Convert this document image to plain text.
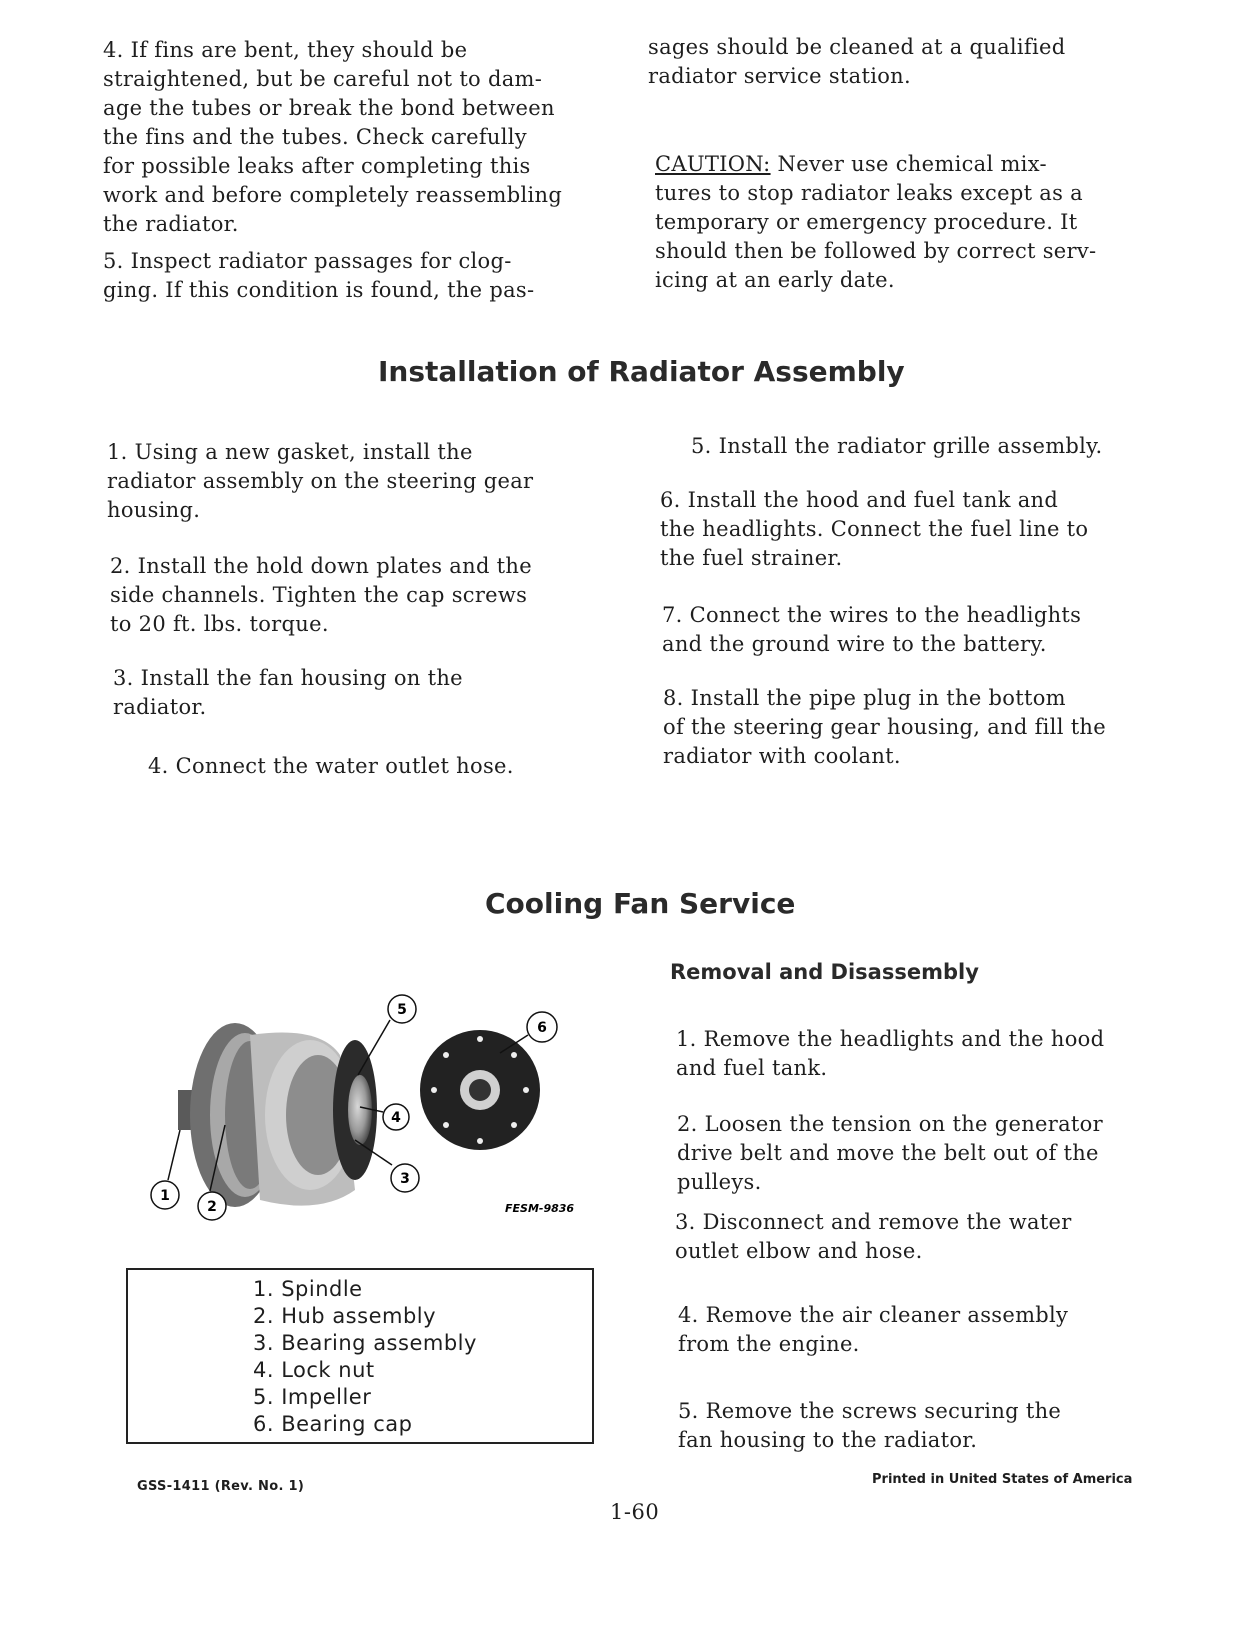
4. If fins are bent, they should be
straightened, but be careful not to dam-
age the tubes or break the bond between
the fins and the tubes. Check carefully
for possible leaks after completing this
work and before completely reassembling
the radiator.

5. Inspect radiator passages for clog-
ging. If this condition is found, the pas-

sages should be cleaned at a qualified
radiator service station.

CAUTION: Never use chemical mix-
tures to stop radiator leaks except as a
temporary or emergency procedure. It
should then be followed by correct serv-
icing at an early date.

Installation of Radiator Assembly

1. Using a new gasket, install the
radiator assembly on the steering gear
housing.

2. Install the hold down plates and the
side channels. Tighten the cap screws
to 20 ft. lbs. torque.

3. Install the fan housing on the
radiator.

4. Connect the water outlet hose.

5. Install the radiator grille assembly.

6. Install the hood and fuel tank and
the headlights. Connect the fuel line to
the fuel strainer.

7. Connect the wires to the headlights
and the ground wire to the battery.

8. Install the pipe plug in the bottom
of the steering gear housing, and fill the
radiator with coolant.

Cooling Fan Service
Removal and Disassembly

1. Remove the headlights and the hood
and fuel tank.

2. Loosen the tension on the generator
drive belt and move the belt out of the
pulleys.

3. Disconnect and remove the water
outlet elbow and hose.

4. Remove the air cleaner assembly
from the engine.

5. Remove the screws securing the
fan housing to the radiator.

1
2
3
4
5
6
FESM-9836
1. Spindle
2. Hub assembly
3. Bearing assembly
4. Lock nut
5. Impeller
6. Bearing cap
GSS-1411 (Rev. No. 1)	Printed in United States of America
1-60
